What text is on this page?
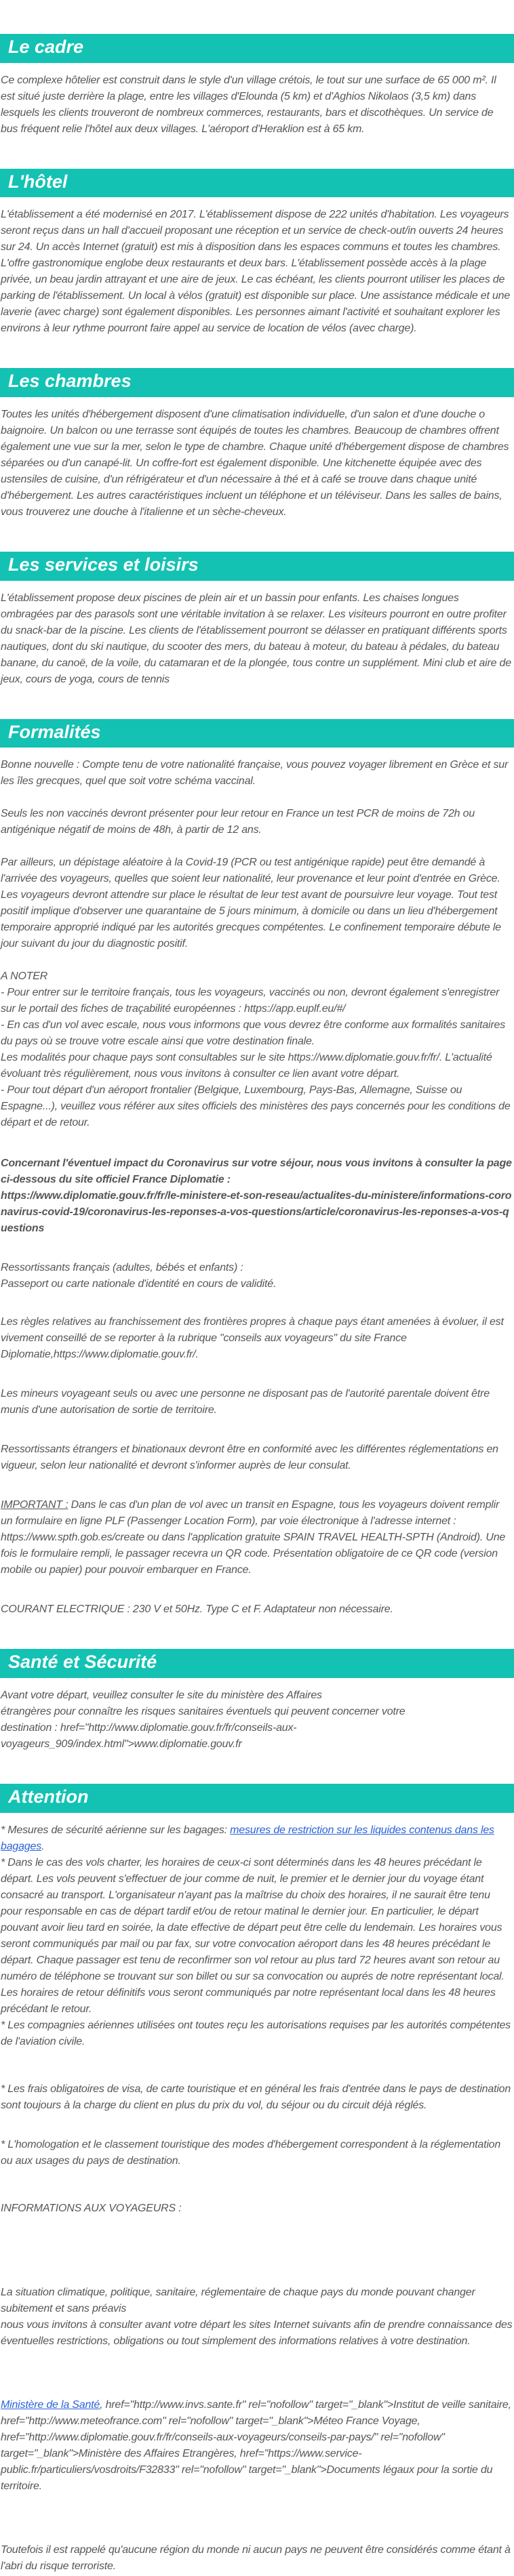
Le cadre

Ce complexe hôtelier est construit dans le style d'un village crétois, le tout sur une surface de 65 000 m². Il est situé juste derrière la plage, entre les villages d'Elounda (5 km) et d'Aghios Nikolaos (3,5 km) dans lesquels les clients trouveront de nombreux commerces, restaurants, bars et discothèques. Un service de bus fréquent relie l'hôtel aux deux villages. L'aéroport d'Heraklion est à 65 km.

L'hôtel

L'établissement a été modernisé en 2017. L'établissement dispose de 222 unités d'habitation. Les voyageurs seront reçus dans un hall d'accueil proposant une réception et un service de check-out/in ouverts 24 heures sur 24. Un accès Internet (gratuit) est mis à disposition dans les espaces communs et toutes les chambres. L'offre gastronomique englobe deux restaurants et deux bars. L'établissement possède accès à la plage privée, un beau jardin attrayant et une aire de jeux. Le cas échéant, les clients pourront utiliser les places de parking de l'établissement. Un local à vélos (gratuit) est disponible sur place. Une assistance médicale et une laverie (avec charge) sont également disponibles. Les personnes aimant l'activité et souhaitant explorer les environs à leur rythme pourront faire appel au service de location de vélos (avec charge).

Les chambres

Toutes les unités d'hébergement disposent d'une climatisation individuelle, d'un salon et d'une douche o baignoire. Un balcon ou une terrasse sont équipés de toutes les chambres. Beaucoup de chambres offrent également une vue sur la mer, selon le type de chambre. Chaque unité d'hébergement dispose de chambres séparées ou d'un canapé-lit. Un coffre-fort est également disponible. Une kitchenette équipée avec des ustensiles de cuisine, d'un réfrigérateur et d'un nécessaire à thé et à café se trouve dans chaque unité d'hébergement. Les autres caractéristiques incluent un téléphone et un téléviseur. Dans les salles de bains, vous trouverez une douche à l'italienne et un sèche-cheveux.

Les services et loisirs

L'établissement propose deux piscines de plein air et un bassin pour enfants. Les chaises longues ombragées par des parasols sont une véritable invitation à se relaxer. Les visiteurs pourront en outre profiter du snack-bar de la piscine. Les clients de l'établissement pourront se délasser en pratiquant différents sports nautiques, dont du ski nautique, du scooter des mers, du bateau à moteur, du bateau à pédales, du bateau banane, du canoë, de la voile, du catamaran et de la plongée, tous contre un supplément. Mini club et aire de jeux, cours de yoga, cours de tennis

Formalités

Bonne nouvelle : Compte tenu de votre nationalité française, vous pouvez voyager librement en Grèce et sur les îles grecques, quel que soit votre schéma vaccinal.

Seuls les non vaccinés devront présenter pour leur retour en France un test PCR de moins de 72h ou antigénique négatif de moins de 48h, à partir de 12 ans.

Par ailleurs, un dépistage aléatoire à la Covid-19 (PCR ou test antigénique rapide) peut être demandé à l'arrivée des voyageurs, quelles que soient leur nationalité, leur provenance et leur point d'entrée en Grèce. Les voyageurs devront attendre sur place le résultat de leur test avant de poursuivre leur voyage. Tout test positif implique d'observer une quarantaine de 5 jours minimum, à domicile ou dans un lieu d'hébergement temporaire approprié indiqué par les autorités grecques compétentes. Le confinement temporaire débute le jour suivant du jour du diagnostic positif.

A NOTER

- Pour entrer sur le territoire français, tous les voyageurs, vaccinés ou non, devront également s'enregistrer sur le portail des fiches de traçabilité européennes : https://app.euplf.eu/#/

- En cas d'un vol avec escale, nous vous informons que vous devrez être conforme aux formalités sanitaires du pays où se trouve votre escale ainsi que votre destination finale.

Les modalités pour chaque pays sont consultables sur le site https://www.diplomatie.gouv.fr/fr/. L'actualité évoluant très régulièrement, nous vous invitons à consulter ce lien avant votre départ.

- Pour tout départ d'un aéroport frontalier (Belgique, Luxembourg, Pays-Bas, Allemagne, Suisse ou Espagne...), veuillez vous référer aux sites officiels des ministères des pays concernés pour les conditions de départ et de retour.

Concernant l'éventuel impact du Coronavirus sur votre séjour, nous vous invitons à consulter la page ci-dessous du site officiel France Diplomatie :
https://www.diplomatie.gouv.fr/fr/le-ministere-et-son-reseau/actualites-du-ministere/informations-coronavirus-covid-19/coronavirus-les-reponses-a-vos-questions/article/coronavirus-les-reponses-a-vos-questions

Ressortissants français (adultes, bébés et enfants) :
Passeport ou carte nationale d'identité en cours de validité.

Les règles relatives au franchissement des frontières propres à chaque pays étant amenées à évoluer, il est vivement conseillé de se reporter à la rubrique "conseils aux voyageurs" du site France Diplomatie,https://www.diplomatie.gouv.fr/.

Les mineurs voyageant seuls ou avec une personne ne disposant pas de l'autorité parentale doivent être munis d'une autorisation de sortie de territoire.

Ressortissants étrangers et binationaux devront être en conformité avec les différentes réglementations en vigueur, selon leur nationalité et devront s'informer auprès de leur consulat.

IMPORTANT : Dans le cas d'un plan de vol avec un transit en Espagne, tous les voyageurs doivent remplir un formulaire en ligne PLF (Passenger Location Form), par voie électronique à l'adresse internet : https://www.spth.gob.es/create ou dans l'application gratuite SPAIN TRAVEL HEALTH-SPTH (Android). Une fois le formulaire rempli, le passager recevra un QR code. Présentation obligatoire de ce QR code (version mobile ou papier) pour pouvoir embarquer en France.

COURANT ELECTRIQUE : 230 V et 50Hz. Type C et F. Adaptateur non nécessaire.

Santé et Sécurité

Avant votre départ, veuillez consulter le site du ministère des Affaires
étrangères pour connaître les risques sanitaires éventuels qui peuvent concerner votre
destination : href="http://www.diplomatie.gouv.fr/fr/conseils-aux-voyageurs_909/index.html">www.diplomatie.gouv.fr

Attention

* Mesures de sécurité aérienne sur les bagages: mesures de restriction sur les liquides contenus dans les bagages.

* Dans le cas des vols charter, les horaires de ceux-ci sont déterminés dans les 48 heures précédant le départ. Les vols peuvent s'effectuer de jour comme de nuit, le premier et le dernier jour du voyage étant consacré au transport. L'organisateur n'ayant pas la maîtrise du choix des horaires, il ne saurait être tenu pour responsable en cas de départ tardif et/ou de retour matinal le dernier jour. En particulier, le départ pouvant avoir lieu tard en soirée, la date effective de départ peut être celle du lendemain. Les horaires vous seront communiqués par mail ou par fax, sur votre convocation aéroport dans les 48 heures précédant le départ. Chaque passager est tenu de reconfirmer son vol retour au plus tard 72 heures avant son retour au numéro de téléphone se trouvant sur son billet ou sur sa convocation ou auprés de notre représentant local. Les horaires de retour définitifs vous seront communiqués par notre représentant local dans les 48 heures précédant le retour.

* Les compagnies aériennes utilisées ont toutes reçu les autorisations requises par les autorités compétentes de l'aviation civile.

* Les frais obligatoires de visa, de carte touristique et en général les frais d'entrée dans le pays de destination sont toujours à la charge du client en plus du prix du vol, du séjour ou du circuit déjà réglés.

* L'homologation et le classement touristique des modes d'hébergement correspondent à la réglementation ou aux usages du pays de destination.

INFORMATIONS AUX VOYAGEURS :

La situation climatique, politique, sanitaire, réglementaire de chaque pays du monde pouvant changer subitement et sans préavis
nous vous invitons à consulter avant votre départ les sites Internet suivants afin de prendre connaissance des éventuelles restrictions, obligations ou tout simplement des informations relatives à votre destination.

Ministère de la Santé, href="http://www.invs.sante.fr" rel="nofollow" target="_blank">Institut de veille sanitaire, href="http://www.meteofrance.com" rel="nofollow" target="_blank">Méteo France Voyage, href="http://www.diplomatie.gouv.fr/fr/conseils-aux-voyageurs/conseils-par-pays/" rel="nofollow" target="_blank">Ministère des Affaires Etrangères, href="https://www.service-public.fr/particuliers/vosdroits/F32833" rel="nofollow" target="_blank">Documents légaux pour la sortie du territoire.

Toutefois il est rappelé qu'aucune région du monde ni aucun pays ne peuvent être considérés comme étant à l'abri du risque terroriste.
